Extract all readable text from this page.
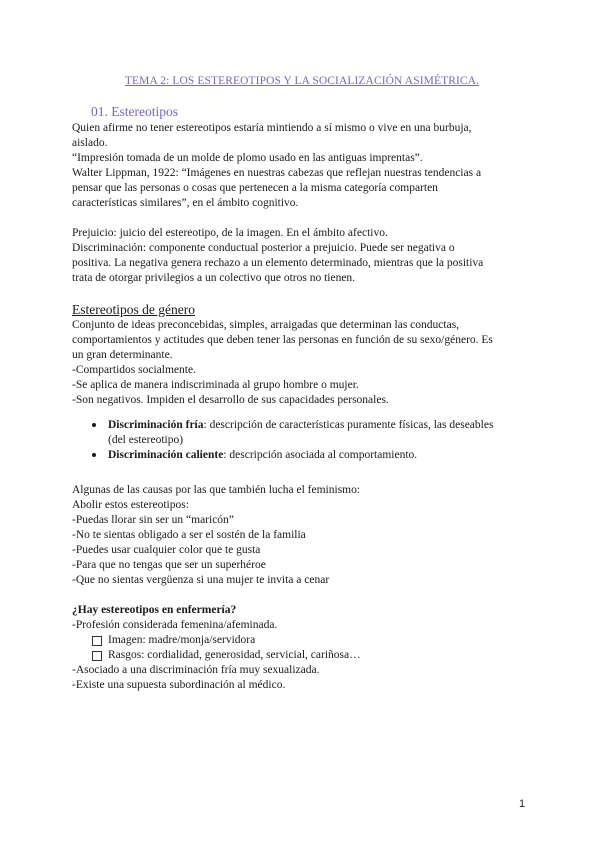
TEMA 2: LOS ESTEREOTIPOS Y LA SOCIALIZACIÓN ASIMÉTRICA.
01. Estereotipos

Quien afirme no tener estereotipos estaría mintiendo a sí mismo o vive en una burbuja,

aislado.

“Impresión tomada de un molde de plomo usado en las antiguas imprentas”.

Walter Lippman, 1922: “Imágenes en nuestras cabezas que reflejan nuestras tendencias a

pensar que las personas o cosas que pertenecen a la misma categoría comparten

características similares”, en el ámbito cognitivo.

Prejuicio: juicio del estereotipo, de la imagen. En el ámbito afectivo.

Discriminación: componente conductual posterior a prejuicio. Puede ser negativa o

positiva. La negativa genera rechazo a un elemento determinado, mientras que la positiva

trata de otorgar privilegios a un colectivo que otros no tienen.

Estereotipos de género

Conjunto de ideas preconcebidas, simples, arraigadas que determinan las conductas,

comportamientos y actitudes que deben tener las personas en función de su sexo/género. Es

un gran determinante.

-Compartidos socialmente.

-Se aplica de manera indiscriminada al grupo hombre o mujer.

-Son negativos. Impiden el desarrollo de sus capacidades personales.

Discriminación fría: descripción de características puramente físicas, las deseables
(del estereotipo)
Discriminación caliente: descripción asociada al comportamiento.

Algunas de las causas por las que también lucha el feminismo:

Abolir estos estereotipos:

-Puedas llorar sin ser un “maricón”

-No te sientas obligado a ser el sostén de la familia

-Puedes usar cualquier color que te gusta

-Para que no tengas que ser un superhéroe

-Que no sientas vergüenza si una mujer te invita a cenar

¿Hay estereotipos en enfermería?

-Profesión considerada femenina/afeminada.

Imagen: madre/monja/servidora
Rasgos: cordialidad, generosidad, servicial, cariñosa…

-Asociado a una discriminación fría muy sexualizada.

-Existe una supuesta subordinación al médico.

1
